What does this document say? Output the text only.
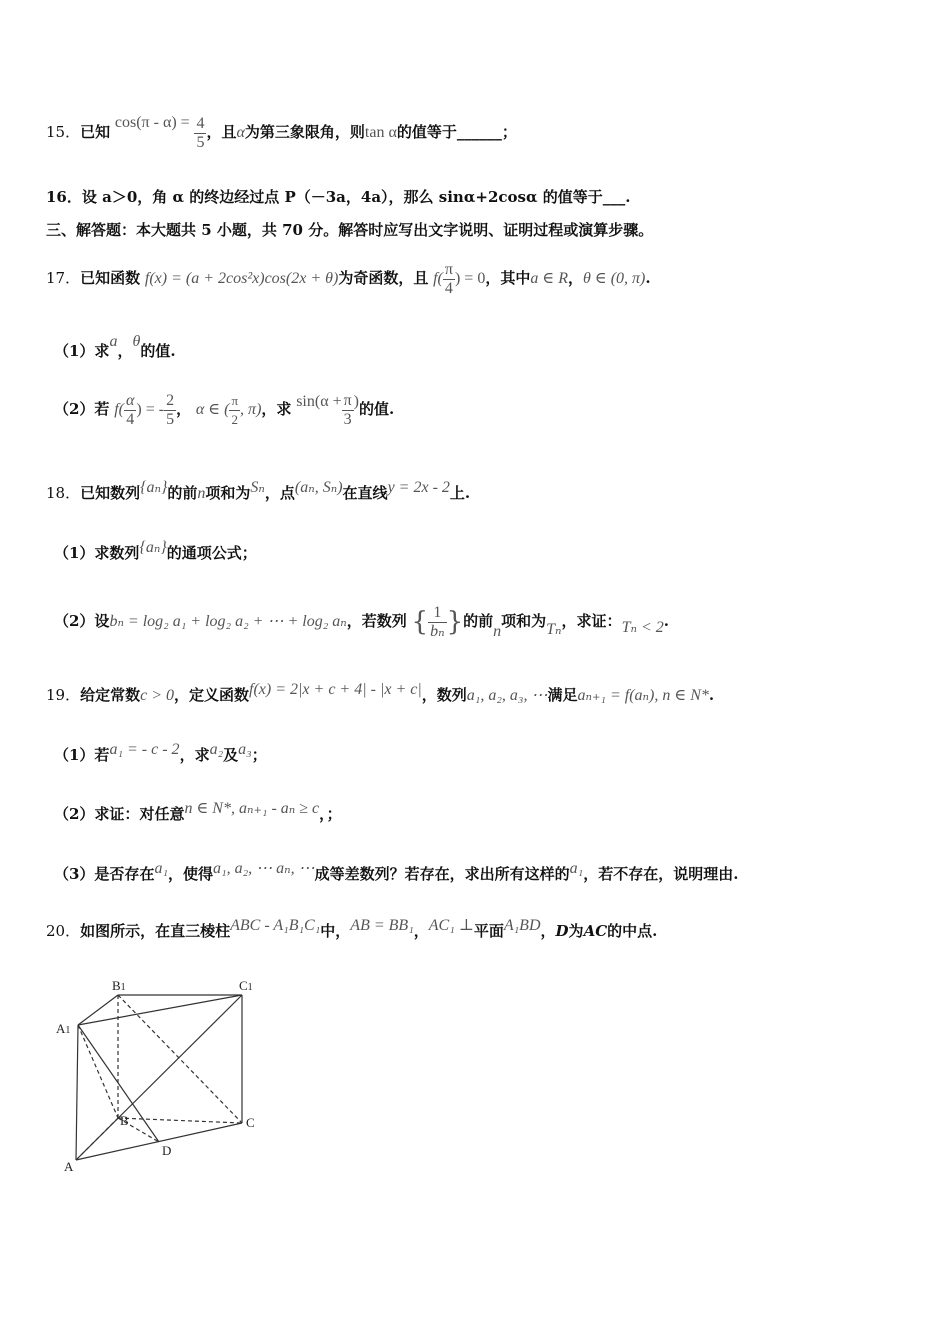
15．已知 $\cos(\pi - \alpha) = \frac{4}{5}$ ，且α为第三象限角，则tan α的值等于______；
16．设 a＞0，角 α 的终边经过点 P（－3a，4a），那么 sinα+2cosα 的值等于___.
三、解答题：本大题共 5 小题，共 70 分。解答时应写出文字说明、证明过程或演算步骤。
17．已知函数 f(x) = (a + 2cos²x)cos(2x + θ)为奇函数，且 $f( \frac{\pi}{4}$ ) = 0，其中a ∈ R，θ ∈ (0, π).
（1）求a，θ的值.
（2）若 $f( \frac{\alpha}{4}$ ) = - $\frac{2}{5}$ ， α ∈ ( $\frac{\pi}{2}$ , π)，求 $\sin(\alpha + \frac{\pi}{3}$ )的值.
18．已知数列{aₙ}的前n项和为Sₙ，点(aₙ, Sₙ)在直线y = 2x - 2上.
（1）求数列{aₙ}的通项公式；
（2）设bₙ = log₂ a₁ + log₂ a₂ + ⋯ + log₂ aₙ，若数列 { $\frac{1}{\text{bₙ}}$ }的前n项和为Tₙ，求证：Tₙ < 2.
19．给定常数c > 0，定义函数f(x) = 2|x + c + 4| - |x + c|，数列a₁, a₂, a₃, ⋯满足aₙ₊₁ = f(aₙ), n ∈ N*.
（1）若a₁ = - c - 2，求a₂及a₃；
（2）求证：对任意n ∈ N*, aₙ₊₁ - aₙ ≥ c，；
（3）是否存在a₁，使得a₁, a₂, ⋯ aₙ, ⋯成等差数列？若存在，求出所有这样的a₁，若不存在，说明理由.
20．如图所示，在直三棱柱ABC - A₁B₁C₁中，AB = BB₁，AC₁ ⊥平面A₁BD，D为AC的中点.
B1	C1
A1
B	C
D
A
